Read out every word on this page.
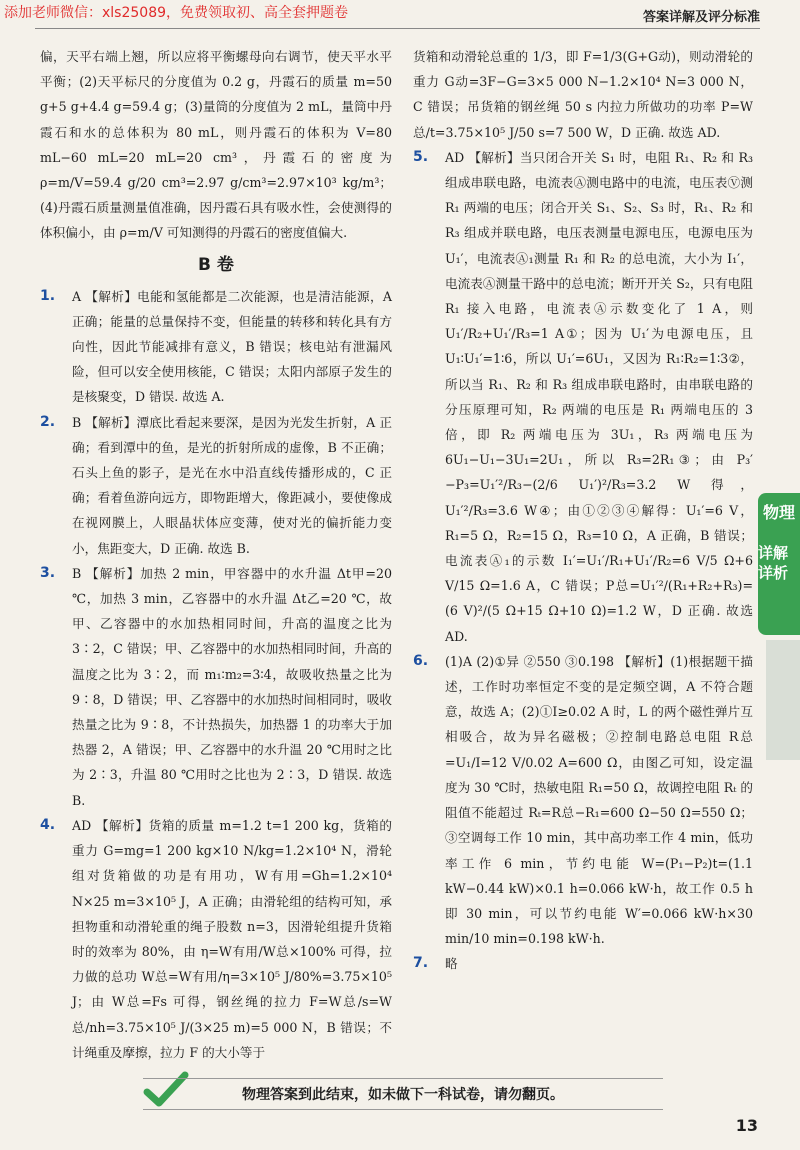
添加老师微信：xls25089，免费领取初、高全套押题卷	答案详解及评分标准

偏，天平右端上翘，所以应将平衡螺母向右调节，使天平水平平衡；(2)天平标尺的分度值为 0.2 g，丹霞石的质量 m=50 g+5 g+4.4 g=59.4 g；(3)量筒的分度值为 2 mL，量筒中丹霞石和水的总体积为 80 mL，则丹霞石的体积为 V=80 mL−60 mL=20 mL=20 cm³，丹霞石的密度为 ρ=m/V=59.4 g/20 cm³=2.97 g/cm³=2.97×10³ kg/m³；(4)丹霞石质量测量值准确，因丹霞石具有吸水性，会使测得的体积偏小，由 ρ=m/V 可知测得的丹霞石的密度值偏大.

B 卷
1. A 【解析】电能和氢能都是二次能源，也是清洁能源，A 正确；能量的总量保持不变，但能量的转移和转化具有方向性，因此节能减排有意义，B 错误；核电站有泄漏风险，但可以安全使用核能，C 错误；太阳内部原子发生的是核聚变，D 错误. 故选 A.

2. B 【解析】潭底比看起来要深，是因为光发生折射，A 正确；看到潭中的鱼，是光的折射所成的虚像，B 不正确；石头上鱼的影子，是光在水中沿直线传播形成的，C 正确；看着鱼游向远方，即物距增大，像距减小，要使像成在视网膜上，人眼晶状体应变薄，使对光的偏折能力变小，焦距变大，D 正确. 故选 B.

3. B 【解析】加热 2 min，甲容器中的水升温 Δt甲=20 ℃，加热 3 min，乙容器中的水升温 Δt乙=20 ℃，故甲、乙容器中的水加热相同时间，升高的温度之比为 3∶2，C 错误；甲、乙容器中的水加热相同时间，升高的温度之比为 3∶2，而 m₁∶m₂=3∶4，故吸收热量之比为 9∶8，D 错误；甲、乙容器中的水加热时间相同时，吸收热量之比为 9∶8，不计热损失，加热器 1 的功率大于加热器 2，A 错误；甲、乙容器中的水升温 20 ℃用时之比为 2∶3，升温 80 ℃用时之比也为 2∶3，D 错误. 故选 B.

4. AD 【解析】货箱的质量 m=1.2 t=1 200 kg，货箱的重力 G=mg=1 200 kg×10 N/kg=1.2×10⁴ N，滑轮组对货箱做的功是有用功，W有用=Gh=1.2×10⁴ N×25 m=3×10⁵ J，A 正确；由滑轮组的结构可知，承担物重和动滑轮重的绳子股数 n=3，因滑轮组提升货箱时的效率为 80%，由 η=W有用/W总×100% 可得，拉力做的总功 W总=W有用/η=3×10⁵ J/80%=3.75×10⁵ J；由 W总=Fs 可得，钢丝绳的拉力 F=W总/s=W总/nh=3.75×10⁵ J/(3×25 m)=5 000 N，B 错误；不计绳重及摩擦，拉力 F 的大小等于

货箱和动滑轮总重的 1/3，即 F=1/3(G+G动)，则动滑轮的重力 G动=3F−G=3×5 000 N−1.2×10⁴ N=3 000 N，C 错误；吊货箱的钢丝绳 50 s 内拉力所做功的功率 P=W总/t=3.75×10⁵ J/50 s=7 500 W，D 正确. 故选 AD.

5. AD 【解析】当只闭合开关 S₁ 时，电阻 R₁、R₂ 和 R₃ 组成串联电路，电流表Ⓐ测电路中的电流，电压表Ⓥ测 R₁ 两端的电压；闭合开关 S₁、S₂、S₃ 时，R₁、R₂ 和 R₃ 组成并联电路，电压表测量电源电压，电源电压为 U₁′，电流表Ⓐ₁测量 R₁ 和 R₂ 的总电流，大小为 I₁′，电流表Ⓐ测量干路中的总电流；断开开关 S₂，只有电阻 R₁ 接入电路，电流表Ⓐ示数变化了 1 A，则 U₁′/R₂+U₁′/R₃=1 A①；因为 U₁′为电源电压，且 U₁∶U₁′=1∶6，所以 U₁′=6U₁，又因为 R₁∶R₂=1∶3②，所以当 R₁、R₂ 和 R₃ 组成串联电路时，由串联电路的分压原理可知，R₂ 两端的电压是 R₁ 两端电压的 3 倍，即 R₂ 两端电压为 3U₁，R₃ 两端电压为 6U₁−U₁−3U₁=2U₁，所以 R₃=2R₁③；由 P₃′−P₃=U₁′²/R₃−(2/6 U₁′)²/R₃=3.2 W 得，U₁′²/R₃=3.6 W④；由①②③④解得：U₁′=6 V，R₁=5 Ω，R₂=15 Ω，R₃=10 Ω，A 正确，B 错误；电流表Ⓐ₁的示数 I₁′=U₁′/R₁+U₁′/R₂=6 V/5 Ω+6 V/15 Ω=1.6 A，C 错误；P总=U₁′²/(R₁+R₂+R₃)=(6 V)²/(5 Ω+15 Ω+10 Ω)=1.2 W，D 正确. 故选 AD.

6. (1)A (2)①异 ②550 ③0.198 【解析】(1)根据题干描述，工作时功率恒定不变的是定频空调，A 不符合题意，故选 A；(2)①I≥0.02 A 时，L 的两个磁性弹片互相吸合，故为异名磁极；②控制电路总电阻 R总=U₁/I=12 V/0.02 A=600 Ω，由图乙可知，设定温度为 30 ℃时，热敏电阻 R₁=50 Ω，故调控电阻 Rₜ 的阻值不能超过 Rₜ=R总−R₁=600 Ω−50 Ω=550 Ω；③空调每工作 10 min，其中高功率工作 4 min，低功率工作 6 min，节约电能 W=(P₁−P₂)t=(1.1 kW−0.44 kW)×0.1 h=0.066 kW·h，故工作 0.5 h 即 30 min，可以节约电能 W′=0.066 kW·h×30 min/10 min=0.198 kW·h.

7. 略

物理
详解详析
物理答案到此结束，如未做下一科试卷，请勿翻页。
13
